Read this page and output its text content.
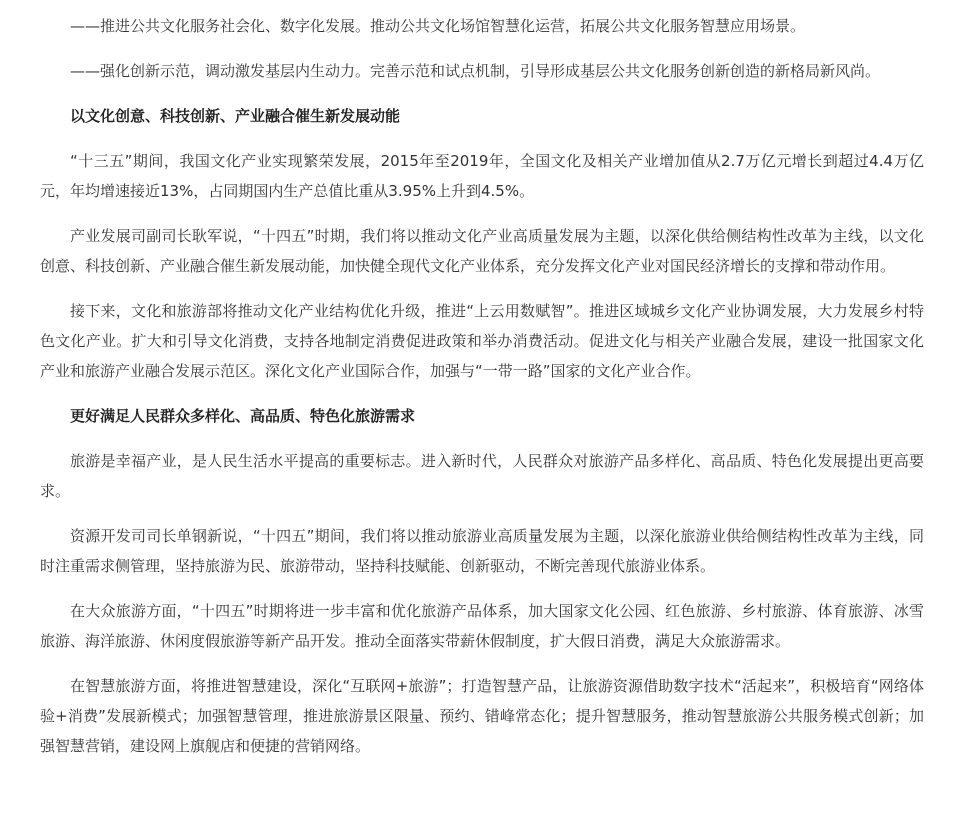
——推进公共文化服务社会化、数字化发展。推动公共文化场馆智慧化运营，拓展公共文化服务智慧应用场景。

——强化创新示范，调动激发基层内生动力。完善示范和试点机制，引导形成基层公共文化服务创新创造的新格局新风尚。

以文化创意、科技创新、产业融合催生新发展动能

“十三五”期间，我国文化产业实现繁荣发展，2015年至2019年，全国文化及相关产业增加值从2.7万亿元增长到超过4.4万亿元，年均增速接近13%，占同期国内生产总值比重从3.95%上升到4.5%。

产业发展司副司长耿军说，“十四五”时期，我们将以推动文化产业高质量发展为主题，以深化供给侧结构性改革为主线，以文化创意、科技创新、产业融合催生新发展动能，加快健全现代文化产业体系，充分发挥文化产业对国民经济增长的支撑和带动作用。

接下来，文化和旅游部将推动文化产业结构优化升级，推进“上云用数赋智”。推进区域城乡文化产业协调发展，大力发展乡村特色文化产业。扩大和引导文化消费，支持各地制定消费促进政策和举办消费活动。促进文化与相关产业融合发展，建设一批国家文化产业和旅游产业融合发展示范区。深化文化产业国际合作，加强与“一带一路”国家的文化产业合作。

更好满足人民群众多样化、高品质、特色化旅游需求

旅游是幸福产业，是人民生活水平提高的重要标志。进入新时代，人民群众对旅游产品多样化、高品质、特色化发展提出更高要求。

资源开发司司长单钢新说，“十四五”期间，我们将以推动旅游业高质量发展为主题，以深化旅游业供给侧结构性改革为主线，同时注重需求侧管理，坚持旅游为民、旅游带动，坚持科技赋能、创新驱动，不断完善现代旅游业体系。

在大众旅游方面，“十四五”时期将进一步丰富和优化旅游产品体系，加大国家文化公园、红色旅游、乡村旅游、体育旅游、冰雪旅游、海洋旅游、休闲度假旅游等新产品开发。推动全面落实带薪休假制度，扩大假日消费，满足大众旅游需求。

在智慧旅游方面，将推进智慧建设，深化“互联网+旅游”；打造智慧产品，让旅游资源借助数字技术“活起来”，积极培育“网络体验+消费”发展新模式；加强智慧管理，推进旅游景区限量、预约、错峰常态化；提升智慧服务，推动智慧旅游公共服务模式创新；加强智慧营销，建设网上旗舰店和便捷的营销网络。
